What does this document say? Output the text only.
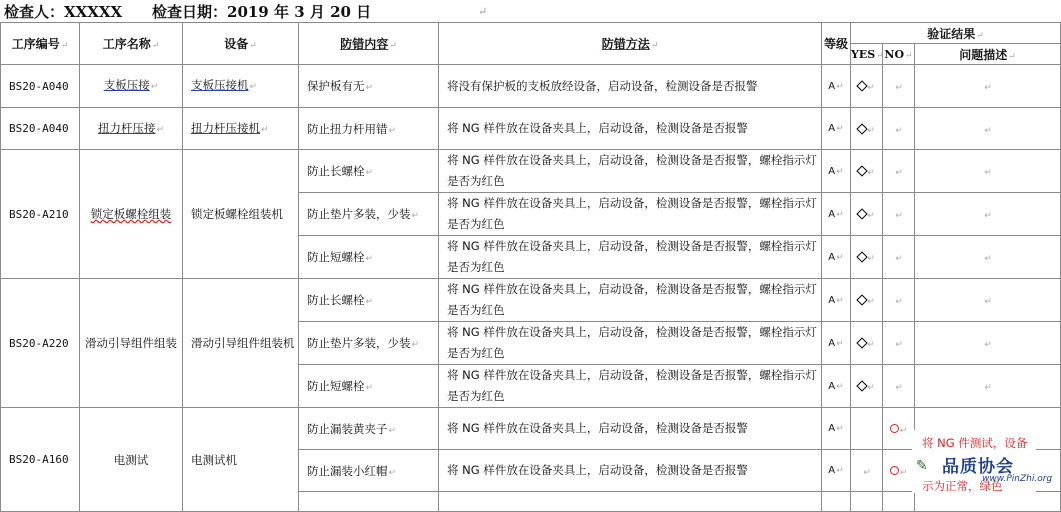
检查人：XXXXX 检查日期：2019 年 3 月 20 日	↵
工序编号↵	工序名称↵	设备↵	防错内容↵	防错方法↵	等级	验证结果↵		
						YES↵	NO↵	问题描述↵
BS20-A040	支板压接↵	支板压接机↵	保护板有无↵	将没有保护板的支板放经设备，启动设备，检测设备是否报警	A↵	↵	↵	↵
BS20-A040	扭力杆压接↵	扭力杆压接机↵	防止扭力杆用错↵	将 NG 样件放在设备夹具上，启动设备，检测设备是否报警	A↵	↵	↵	↵
BS20-A210	锁定板螺栓组装	锁定板螺栓组装机	防止长螺栓↵	将 NG 样件放在设备夹具上，启动设备，检测设备是否报警，螺栓指示灯是否为红色	A↵	↵	↵	↵
			防止垫片多装，少装↵	将 NG 样件放在设备夹具上，启动设备，检测设备是否报警，螺栓指示灯是否为红色	A↵	↵	↵	↵
			防止短螺栓↵	将 NG 样件放在设备夹具上，启动设备，检测设备是否报警，螺栓指示灯是否为红色	A↵	↵	↵	↵
BS20-A220	滑动引导组件组装	滑动引导组件组装机	防止长螺栓↵	将 NG 样件放在设备夹具上，启动设备，检测设备是否报警，螺栓指示灯是否为红色	A↵	↵	↵	↵
			防止垫片多装，少装↵	将 NG 样件放在设备夹具上，启动设备，检测设备是否报警，螺栓指示灯是否为红色	A↵	↵	↵	↵
			防止短螺栓↵	将 NG 样件放在设备夹具上，启动设备，检测设备是否报警，螺栓指示灯是否为红色	A↵	↵	↵	↵
BS20-A160	电测试	电测试机	防止漏装黄夹子↵	将 NG 样件放在设备夹具上，启动设备，检测设备是否报警	A↵		↵	
			防止漏装小红帽↵	将 NG 样件放在设备夹具上，启动设备，检测设备是否报警	A↵	↵	↵	

将 NG 件测试，设备
✎ 品质协会
示为正常，绿色
www.PinZhi.org
